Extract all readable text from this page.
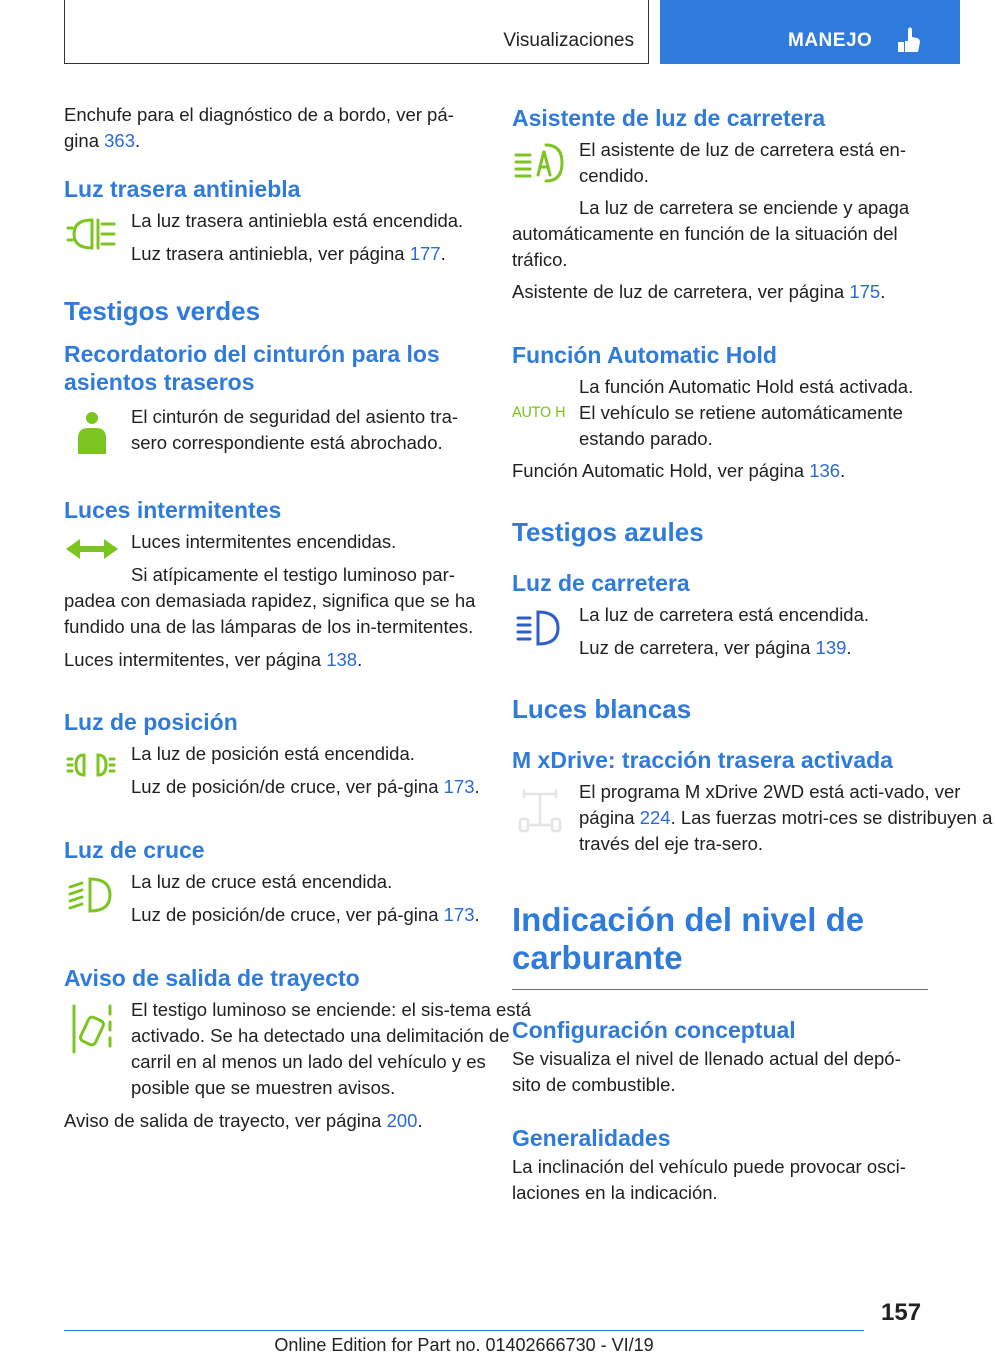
Visualizaciones	MANEJO

Enchufe para el diagnóstico de a bordo, ver pá-gina 363.

Luz trasera antiniebla

La luz trasera antiniebla está encendida.

Luz trasera antiniebla, ver página 177.

Testigos verdes
Recordatorio del cinturón para los asientos traseros

El cinturón de seguridad del asiento tra-sero correspondiente está abrochado.

Luces intermitentes

Luces intermitentes encendidas.

Si atípicamente el testigo luminoso par-padea con demasiada rapidez, significa que se ha fundido una de las lámparas de los in-termitentes.

Luces intermitentes, ver página 138.

Luz de posición

La luz de posición está encendida.

Luz de posición/de cruce, ver pá-gina 173.

Luz de cruce

La luz de cruce está encendida.

Luz de posición/de cruce, ver pá-gina 173.

Aviso de salida de trayecto

El testigo luminoso se enciende: el sis-tema está activado. Se ha detectado una delimitación de carril en al menos un lado del vehículo y es posible que se muestren avisos.

Aviso de salida de trayecto, ver página 200.

Asistente de luz de carretera

El asistente de luz de carretera está en-cendido.

La luz de carretera se enciende y apaga automáticamente en función de la situación del tráfico.

Asistente de luz de carretera, ver página 175.

Función Automatic Hold
AUTO H

La función Automatic Hold está activada. El vehículo se retiene automáticamente estando parado.

Función Automatic Hold, ver página 136.

Testigos azules
Luz de carretera

La luz de carretera está encendida.

Luz de carretera, ver página 139.

Luces blancas
M xDrive: tracción trasera activada

El programa M xDrive 2WD está acti-vado, ver página 224. Las fuerzas motri-ces se distribuyen a través del eje tra-sero.

Indicación del nivel de carburante
Configuración conceptual

Se visualiza el nivel de llenado actual del depó-sito de combustible.

Generalidades

La inclinación del vehículo puede provocar osci-laciones en la indicación.

157
Online Edition for Part no. 01402666730 - VI/19
